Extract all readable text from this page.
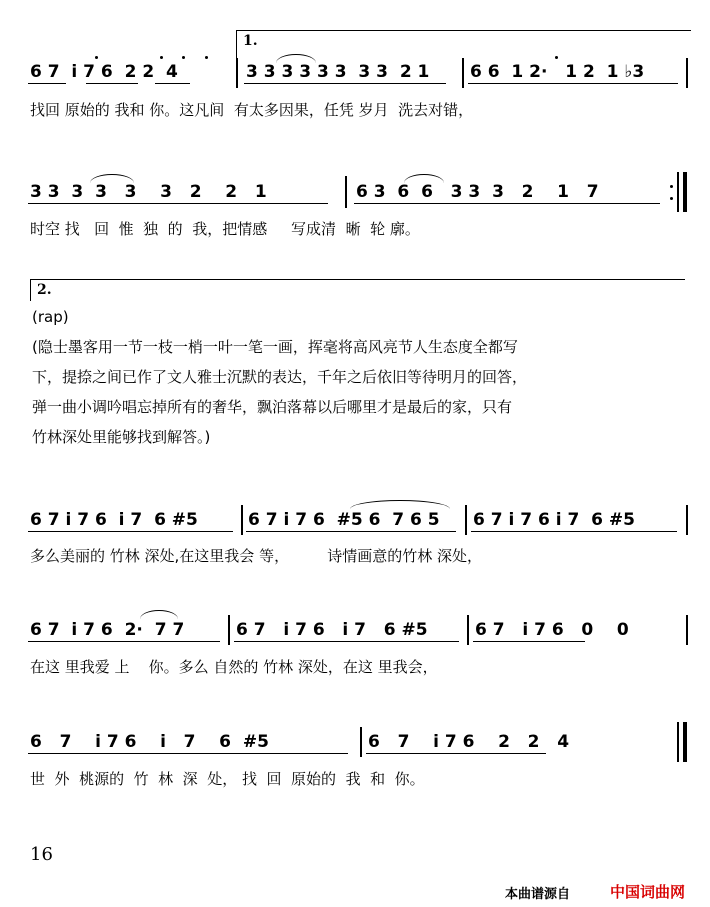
1.
6 7  i 7 6  2 2  4	3 3 3 3 3 3  3 3  2 1 6 6  1 2·   1 2  1 ♭3
找回 原始的 我和 你。这凡间  有太多因果，任凭 岁月  洗去对错，
3 3  3  3   3    3   2    2   1	6 3  6  6   3 3  3   2    1   7
时空 找   回  惟  独  的  我，把情感     写成清  晰  轮 廓。
2.
(rap)
(隐士墨客用一节一枝一梢一叶一笔一画，挥毫将高风亮节人生态度全都写
下，提捺之间已作了文人雅士沉默的表达，千年之后依旧等待明月的回答，
弹一曲小调吟唱忘掉所有的奢华，飘泊落幕以后哪里才是最后的家，只有
竹林深处里能够找到解答。)
6 7 i 7 6  i 7  6 #5	6 7 i 7 6  #5 6  7 6 5 6 7 i 7 6 i 7  6 #5
多么美丽的 竹林 深处,在这里我会 等，        诗情画意的竹林 深处，
6 7  i 7 6  2·  7 7	6 7   i 7 6   i 7   6 #5	6 7   i 7 6   0    0
在这 里我爱 上    你。多么 自然的 竹林 深处，在这 里我会，
6   7    i 7 6    i   7    6  #5	6   7    i 7 6    2   2   4
世  外  桃源的  竹  林  深  处， 找  回  原始的  我  和  你。
16
本曲谱源自	中国词曲网
